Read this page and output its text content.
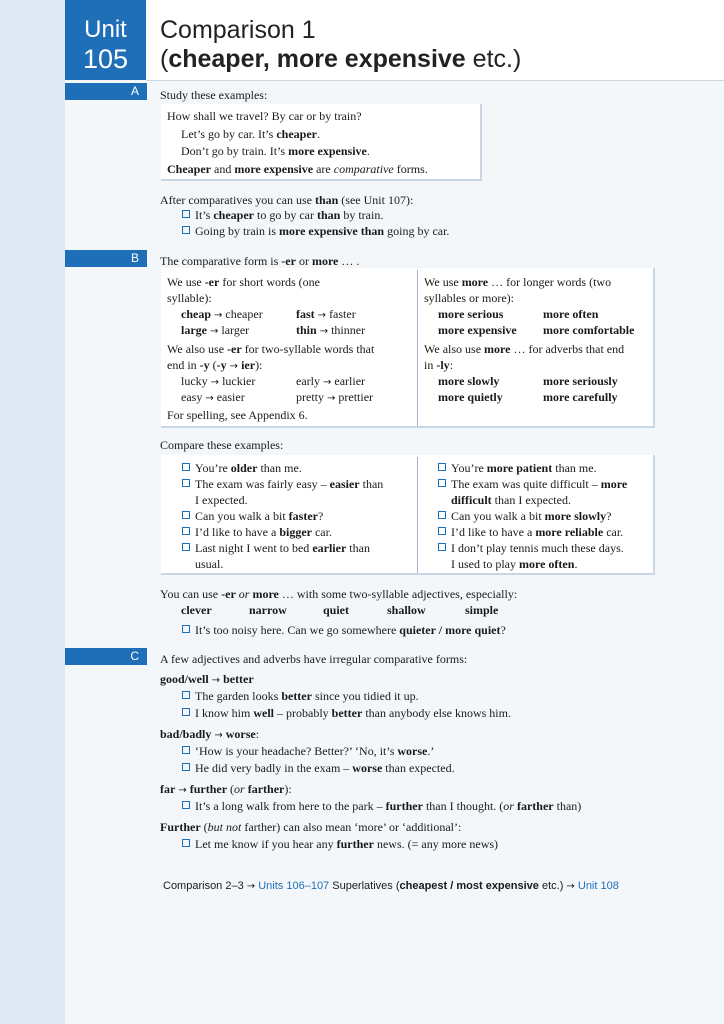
Unit
105
Comparison 1
(cheaper, more expensive etc.)
A
B
C
Study these examples:
How shall we travel? By car or by train?
Let’s go by car. It’s cheaper.
Don’t go by train. It’s more expensive.
Cheaper and more expensive are comparative forms.
After comparatives you can use than (see Unit 107):
It’s cheaper to go by car than by train.
Going by train is more expensive than going by car.
The comparative form is -er or more … .
We use -er for short words (one
syllable):
cheap → cheaper	fast → faster
large → larger	thin → thinner
We also use -er for two-syllable words that
end in -y (-y → ier):
lucky → luckier	early → earlier
easy → easier	pretty → prettier
For spelling, see Appendix 6.
We use more … for longer words (two
syllables or more):
more serious	more often
more expensive more comfortable
We also use more … for adverbs that end
in -ly:
more slowly	more seriously
more quietly	more carefully
Compare these examples:
You’re older than me.
The exam was fairly easy – easier than
I expected.
Can you walk a bit faster?
I’d like to have a bigger car.
Last night I went to bed earlier than
usual.
You’re more patient than me.
The exam was quite difficult – more
difficult than I expected.
Can you walk a bit more slowly?
I’d like to have a more reliable car.
I don’t play tennis much these days.
I used to play more often.
You can use -er or more … with some two-syllable adjectives, especially:
clever	narrow	quiet	shallow	simple
It’s too noisy here. Can we go somewhere quieter / more quiet?
A few adjectives and adverbs have irregular comparative forms:
good/well → better
The garden looks better since you tidied it up.
I know him well – probably better than anybody else knows him.
bad/badly → worse:
‘How is your headache? Better?’ ‘No, it’s worse.’
He did very badly in the exam – worse than expected.
far → further (or farther):
It’s a long walk from here to the park – further than I thought. (or farther than)
Further (but not farther) can also mean ‘more’ or ‘additional’:
Let me know if you hear any further news. (= any more news)
Comparison 2–3 → Units 106–107 Superlatives (cheapest / most expensive etc.) → Unit 108
